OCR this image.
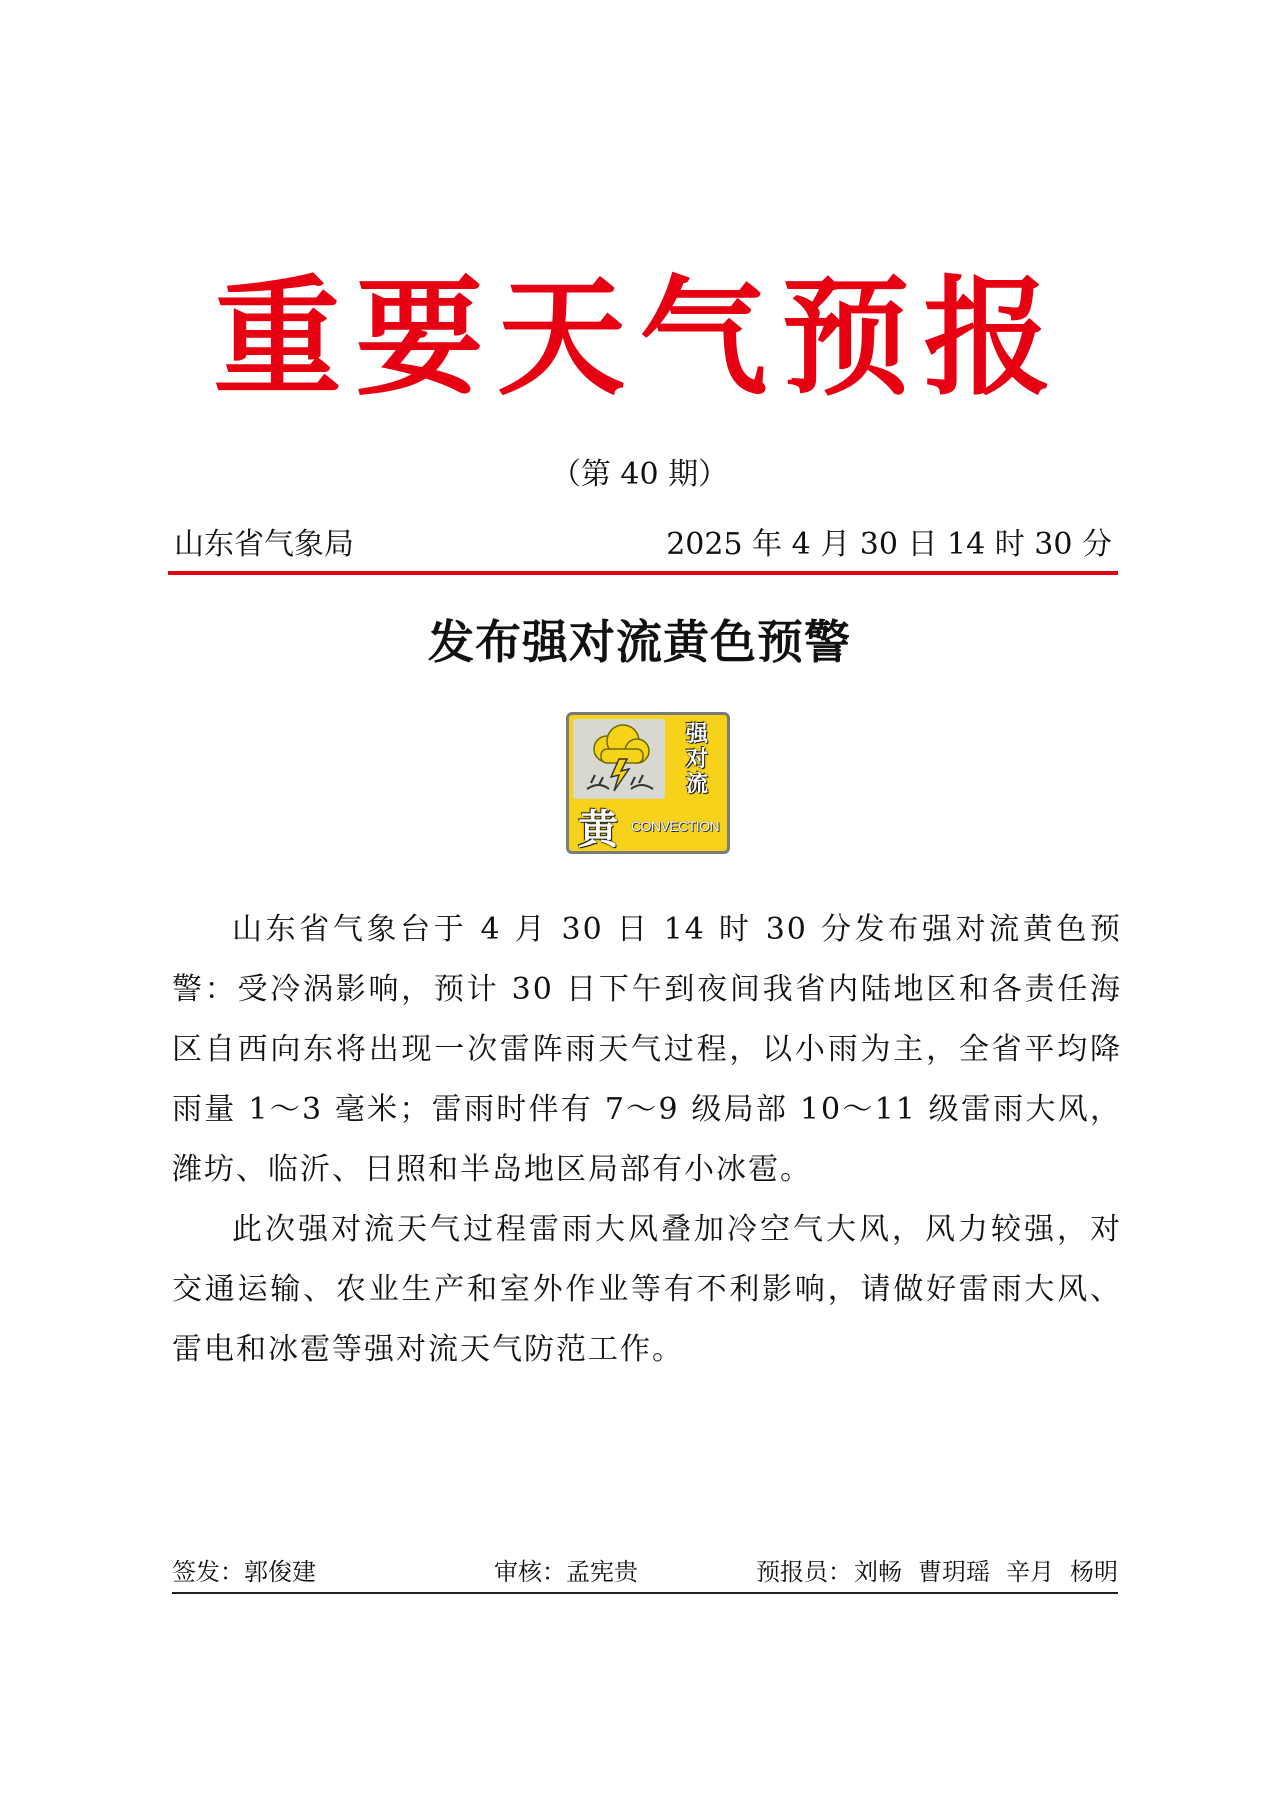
重要天气预报
（第 40 期）
山东省气象局	2025 年 4 月 30 日 14 时 30 分
发布强对流黄色预警
强
对
流
黄 CONVECTION

山东省气象台于 4 月 30 日 14 时 30 分发布强对流黄色预警：受冷涡影响，预计 30 日下午到夜间我省内陆地区和各责任海区自西向东将出现一次雷阵雨天气过程，以小雨为主，全省平均降雨量 1～3 毫米；雷雨时伴有 7～9 级局部 10～11 级雷雨大风，潍坊、临沂、日照和半岛地区局部有小冰雹。

此次强对流天气过程雷雨大风叠加冷空气大风，风力较强，对交通运输、农业生产和室外作业等有不利影响，请做好雷雨大风、雷电和冰雹等强对流天气防范工作。

签发：郭俊建	审核：孟宪贵	预报员：刘畅 曹玥瑶 辛月 杨明
